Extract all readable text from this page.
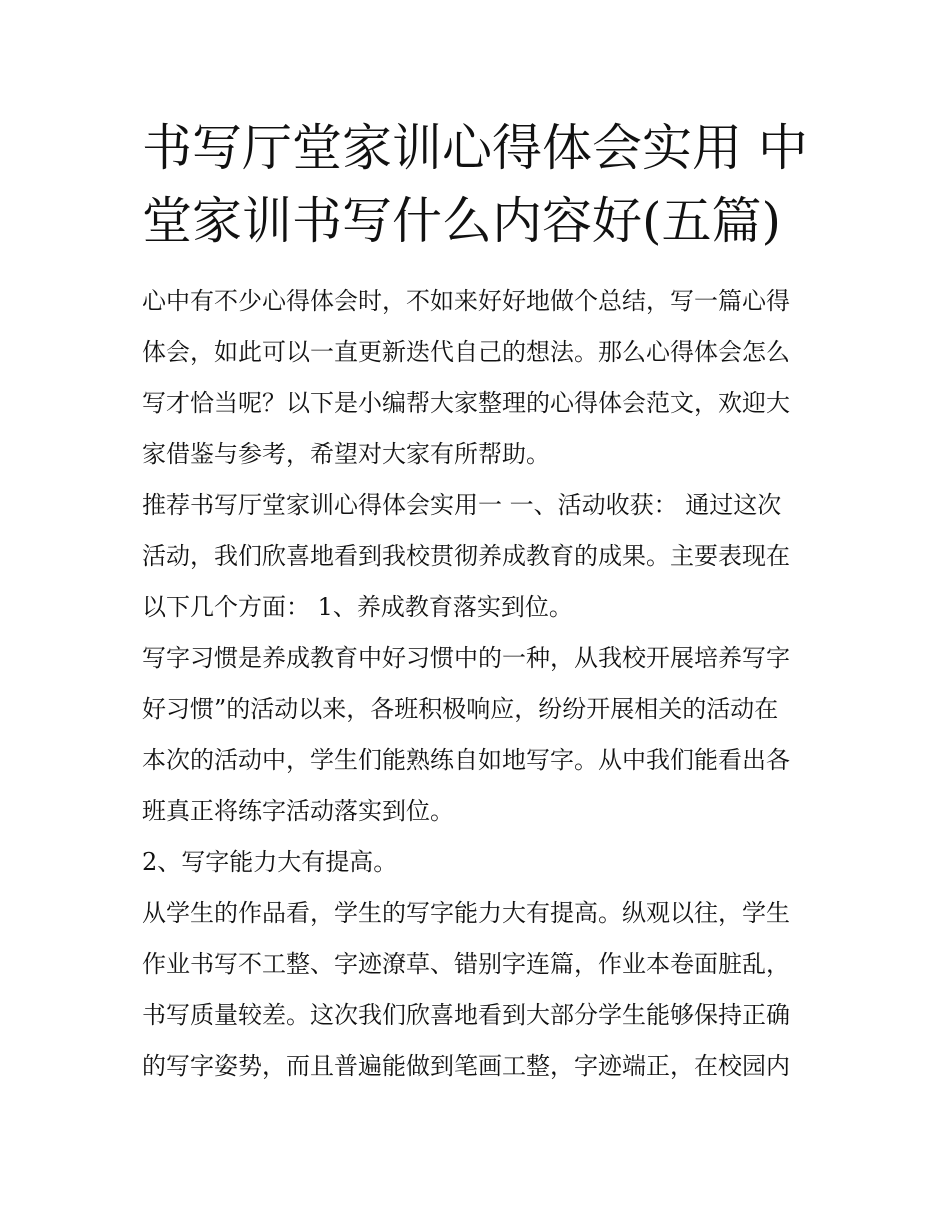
书写厅堂家训心得体会实用 中
堂家训书写什么内容好(五篇)
心中有不少心得体会时，不如来好好地做个总结，写一篇心得
体会，如此可以一直更新迭代自己的想法。那么心得体会怎么
写才恰当呢？以下是小编帮大家整理的心得体会范文，欢迎大
家借鉴与参考，希望对大家有所帮助。
推荐书写厅堂家训心得体会实用一 一、活动收获： 通过这次
活动，我们欣喜地看到我校贯彻养成教育的成果。主要表现在
以下几个方面： 1、养成教育落实到位。
写字习惯是养成教育中好习惯中的一种，从我校开展培养写字
好习惯”的活动以来，各班积极响应，纷纷开展相关的活动在
本次的活动中，学生们能熟练自如地写字。从中我们能看出各
班真正将练字活动落实到位。
2、写字能力大有提高。
从学生的作品看，学生的写字能力大有提高。纵观以往，学生
作业书写不工整、字迹潦草、错别字连篇，作业本卷面脏乱，
书写质量较差。这次我们欣喜地看到大部分学生能够保持正确
的写字姿势，而且普遍能做到笔画工整，字迹端正，在校园内
